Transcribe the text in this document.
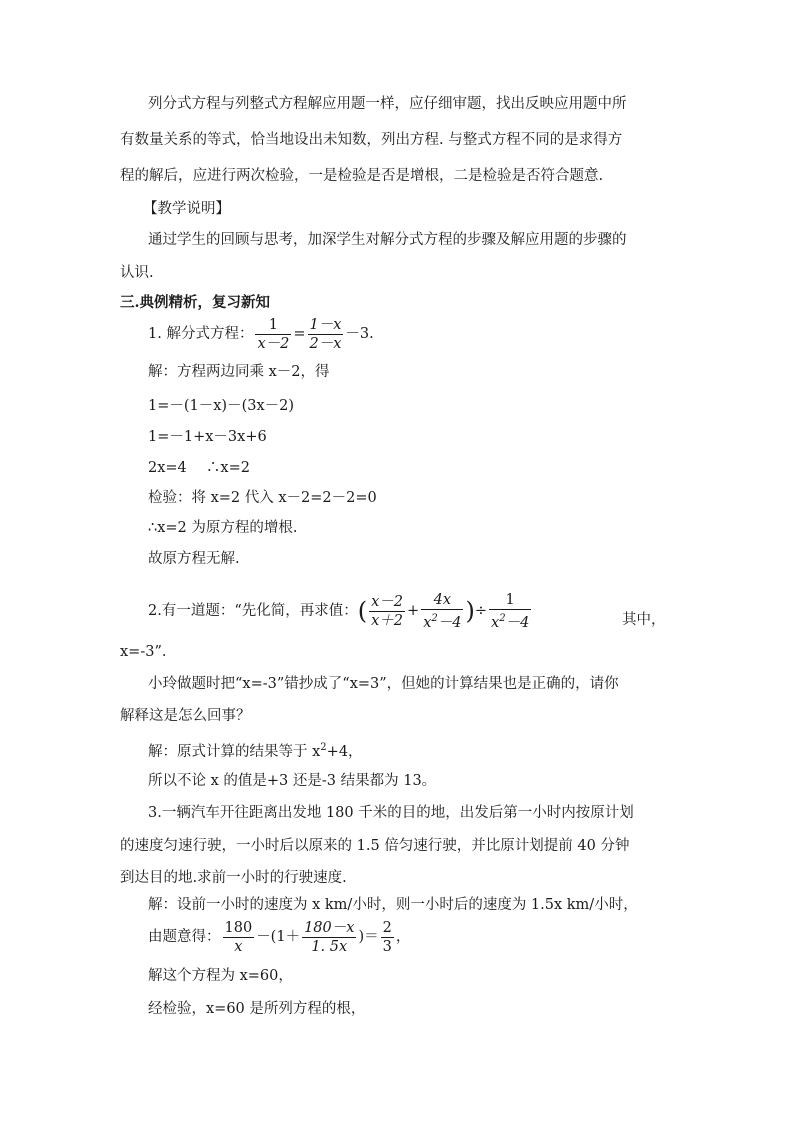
列分式方程与列整式方程解应用题一样，应仔细审题，找出反映应用题中所
有数量关系的等式，恰当地设出未知数，列出方程. 与整式方程不同的是求得方
程的解后，应进行两次检验，一是检验是否是增根，二是检验是否符合题意.
【教学说明】
通过学生的回顾与思考，加深学生对解分式方程的步骤及解应用题的步骤的
认识.
三.典例精析，复习新知
1. 解分式方程： $\frac{1}{x-2} = \frac{1-x}{2-x} -3$.
解：方程两边同乘 x－2，得
1=－(1－x)－(3x－2)
1=－1+x－3x+6
2x=4　 ∴x=2
检验：将 x=2 代入 x－2=2－2=0
∴x=2 为原方程的增根.
故原方程无解.
2.有一道题：“先化简，再求值：( $\frac{x-2}{x+2} + \frac{4x}{x^2-4}$ )÷ $\frac{1}{x^2-4}$	其中，
x=-3”.
小玲做题时把“x=-3”错抄成了“x=3”，但她的计算结果也是正确的，请你
解释这是怎么回事？
解：原式计算的结果等于 $x^2+4$，
所以不论 x 的值是+3 还是-3 结果都为 13。
3.一辆汽车开往距离出发地 180 千米的目的地，出发后第一小时内按原计划
的速度匀速行驶，一小时后以原来的 1.5 倍匀速行驶，并比原计划提前 40 分钟
到达目的地.求前一小时的行驶速度.
解：设前一小时的速度为 x km/小时，则一小时后的速度为 1.5x km/小时，
由题意得： $\frac{180}{x} -(1+ \frac{180-x}{1. 5x}$ )＝ $\frac{2}{3}$ ，
解这个方程为 x=60，
经检验，x=60 是所列方程的根，
